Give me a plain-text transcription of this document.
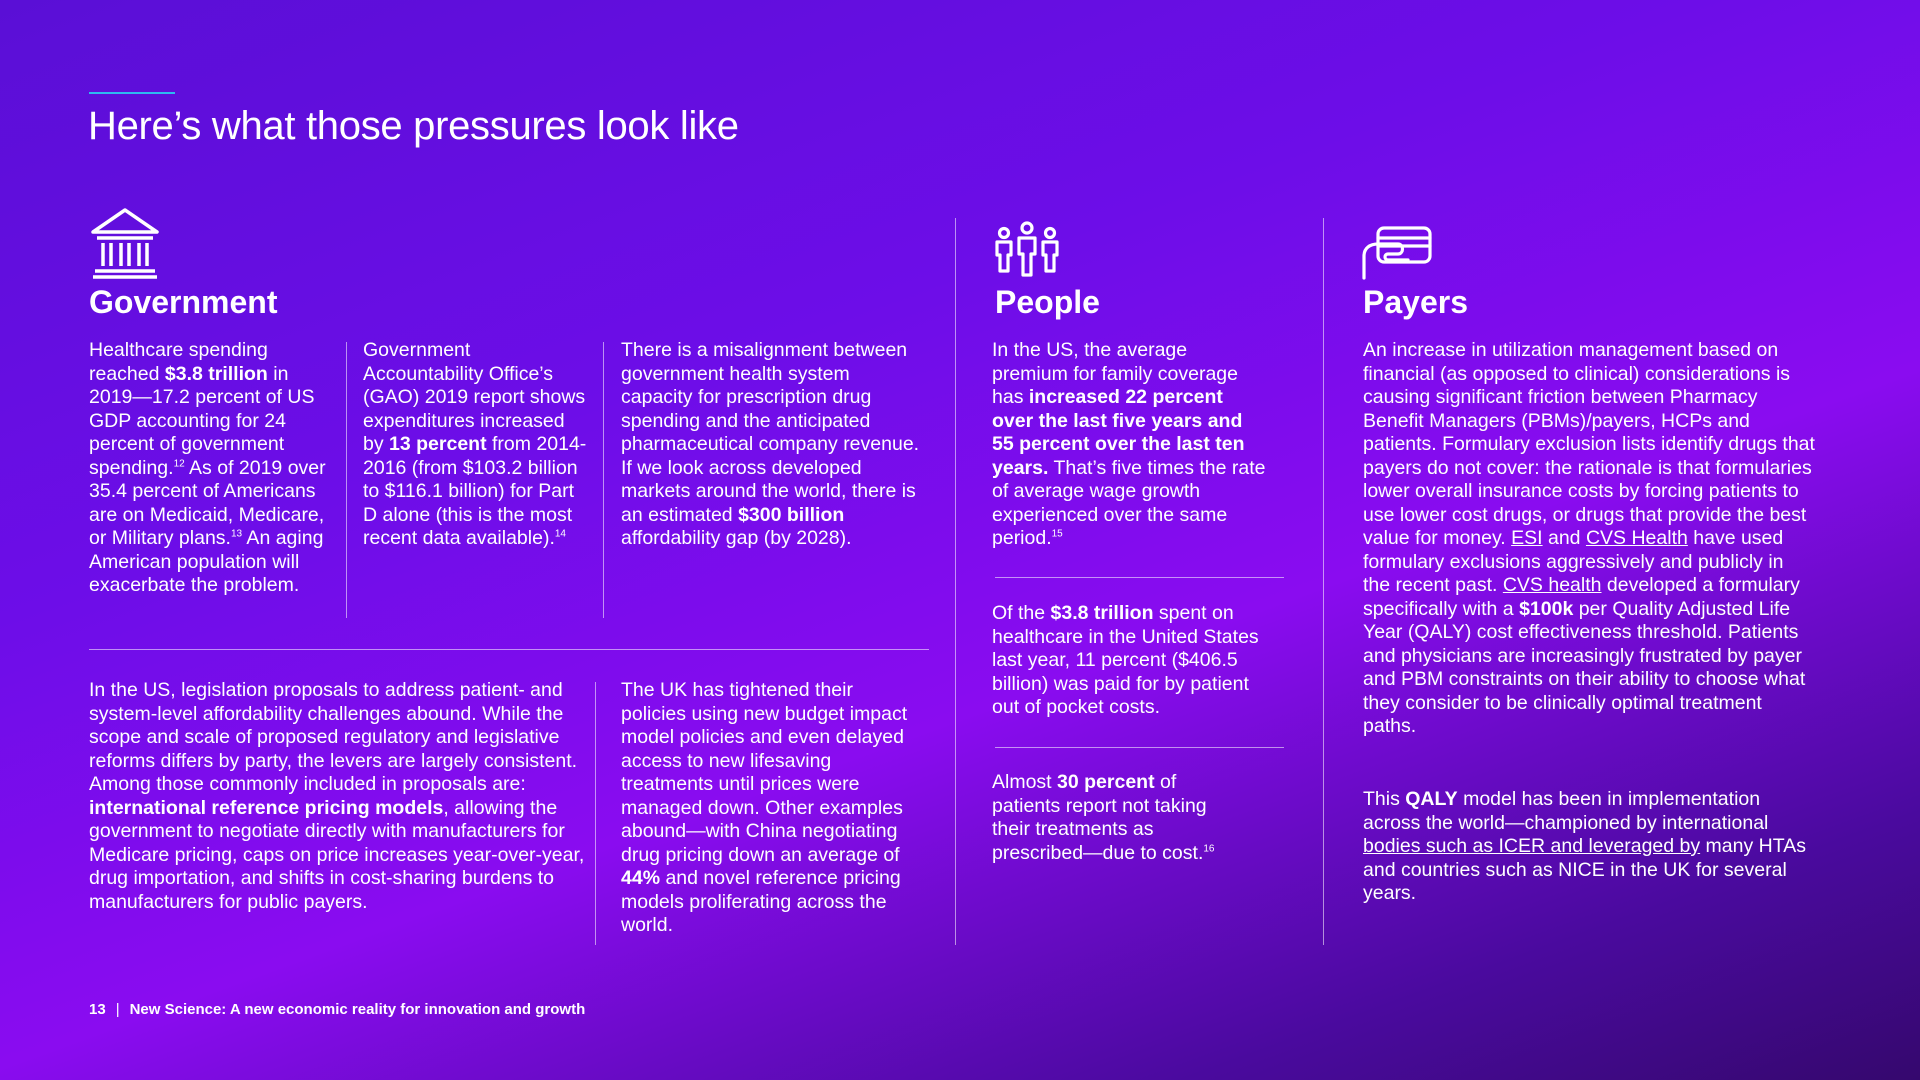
Here’s what those pressures look like
Government
Healthcare spending reached $3.8 trillion in 2019—17.2 percent of US GDP accounting for 24 percent of government spending.$^{12}$ As of 2019 over 35.4 percent of Americans are on Medicaid, Medicare, or Military plans.$^{13}$ An aging American population will exacerbate the problem.
Government Accountability Office’s (GAO) 2019 report shows expenditures increased by 13 percent from 2014-2016 (from $103.2 billion to $116.1 billion) for Part D alone (this is the most recent data available).$^{14}$
There is a misalignment between government health system capacity for prescription drug spending and the anticipated pharmaceutical company revenue. If we look across developed markets around the world, there is an estimated $300 billion affordability gap (by 2028).
In the US, legislation proposals to address patient- and system-level affordability challenges abound. While the scope and scale of proposed regulatory and legislative reforms differs by party, the levers are largely consistent. Among those commonly included in proposals are: international reference pricing models, allowing the government to negotiate directly with manufacturers for Medicare pricing, caps on price increases year-over-year, drug importation, and shifts in cost-sharing burdens to manufacturers for public payers.
The UK has tightened their policies using new budget impact model policies and even delayed access to new lifesaving treatments until prices were managed down. Other examples abound—with China negotiating drug pricing down an average of 44% and novel reference pricing models proliferating across the world.
People
In the US, the average premium for family coverage has increased 22 percent over the last five years and 55 percent over the last ten years. That’s five times the rate of average wage growth experienced over the same period.$^{15}$
Of the $3.8 trillion spent on healthcare in the United States last year, 11 percent ($406.5 billion) was paid for by patient out of pocket costs.
Almost 30 percent of patients report not taking their treatments as prescribed—due to cost.$^{16}$
Payers
An increase in utilization management based on financial (as opposed to clinical) considerations is causing significant friction between Pharmacy Benefit Managers (PBMs)/payers, HCPs and patients. Formulary exclusion lists identify drugs that payers do not cover: the rationale is that formularies lower overall insurance costs by forcing patients to use lower cost drugs, or drugs that provide the best value for money. ESI and CVS Health have used formulary exclusions aggressively and publicly in the recent past. CVS health developed a formulary specifically with a $100k per Quality Adjusted Life Year (QALY) cost effectiveness threshold. Patients and physicians are increasingly frustrated by payer and PBM constraints on their ability to choose what they consider to be clinically optimal treatment paths.
This QALY model has been in implementation across the world—championed by international bodies such as ICER and leveraged by many HTAs and countries such as NICE in the UK for several years.
13 | New Science: A new economic reality for innovation and growth
